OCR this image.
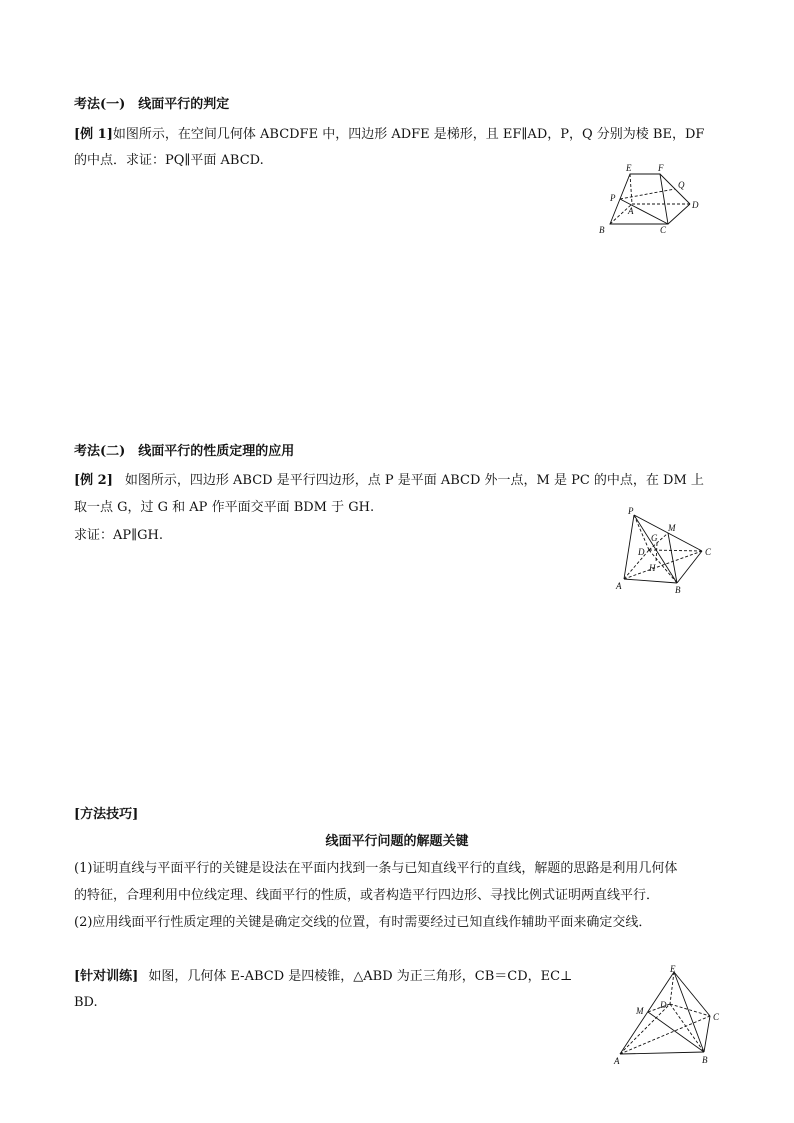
考法(一)　线面平行的判定
[例 1]如图所示，在空间几何体 ABCDFE 中，四边形 ADFE 是梯形，且 EF∥AD，P，Q 分别为棱 BE，DF
的中点．求证：PQ∥平面 ABCD.	E	F
P
Q
A
D
B	C
考法(二)　线面平行的性质定理的应用
[例 2] 如图所示，四边形 ABCD 是平行四边形，点 P 是平面 ABCD 外一点，M 是 PC 的中点，在 DM 上
取一点 G，过 G 和 AP 作平面交平面 BDM 于 GH.
求证：AP∥GH.
P
M
G
D	C
H
A	B
[方法技巧]
线面平行问题的解题关键
(1)证明直线与平面平行的关键是设法在平面内找到一条与已知直线平行的直线，解题的思路是利用几何体
的特征，合理利用中位线定理、线面平行的性质，或者构造平行四边形、寻找比例式证明两直线平行．
(2)应用线面平行性质定理的关键是确定交线的位置，有时需要经过已知直线作辅助平面来确定交线．
[针对训练] 如图，几何体 E-ABCD 是四棱锥，△ABD 为正三角形，CB＝CD，EC⊥
BD.
E
D
M
C
A	B
